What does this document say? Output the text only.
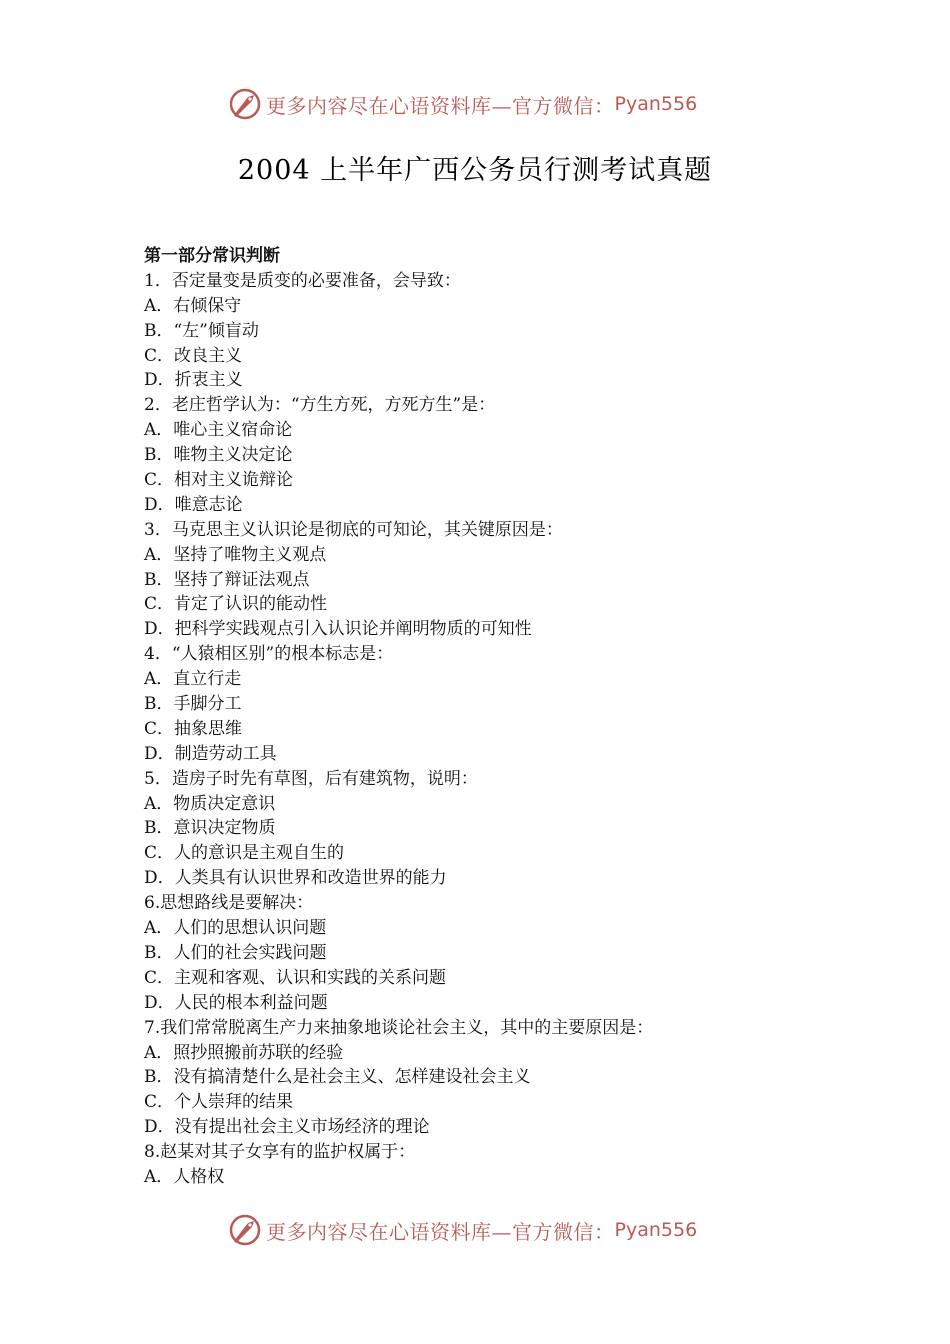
更多内容尽在心语资料库—官方微信： Pyan556
2004 上半年广西公务员行测考试真题
第一部分常识判断
1．否定量变是质变的必要准备，会导致：
A．右倾保守
B．“左”倾盲动
C．改良主义
D．折衷主义
2．老庄哲学认为：“方生方死，方死方生”是：
A．唯心主义宿命论
B．唯物主义决定论
C．相对主义诡辩论
D．唯意志论
3．马克思主义认识论是彻底的可知论，其关键原因是：
A．坚持了唯物主义观点
B．坚持了辩证法观点
C．肯定了认识的能动性
D．把科学实践观点引入认识论并阐明物质的可知性
4．“人猿相区别”的根本标志是：
A．直立行走
B．手脚分工
C．抽象思维
D．制造劳动工具
5．造房子时先有草图，后有建筑物，说明：
A．物质决定意识
B．意识决定物质
C．人的意识是主观自生的
D．人类具有认识世界和改造世界的能力
6.思想路线是要解决：
A．人们的思想认识问题
B．人们的社会实践问题
C．主观和客观、认识和实践的关系问题
D．人民的根本利益问题
7.我们常常脱离生产力来抽象地谈论社会主义，其中的主要原因是：
A．照抄照搬前苏联的经验
B．没有搞清楚什么是社会主义、怎样建设社会主义
C．个人崇拜的结果
D．没有提出社会主义市场经济的理论
8.赵某对其子女享有的监护权属于：
A．人格权
更多内容尽在心语资料库—官方微信： Pyan556
